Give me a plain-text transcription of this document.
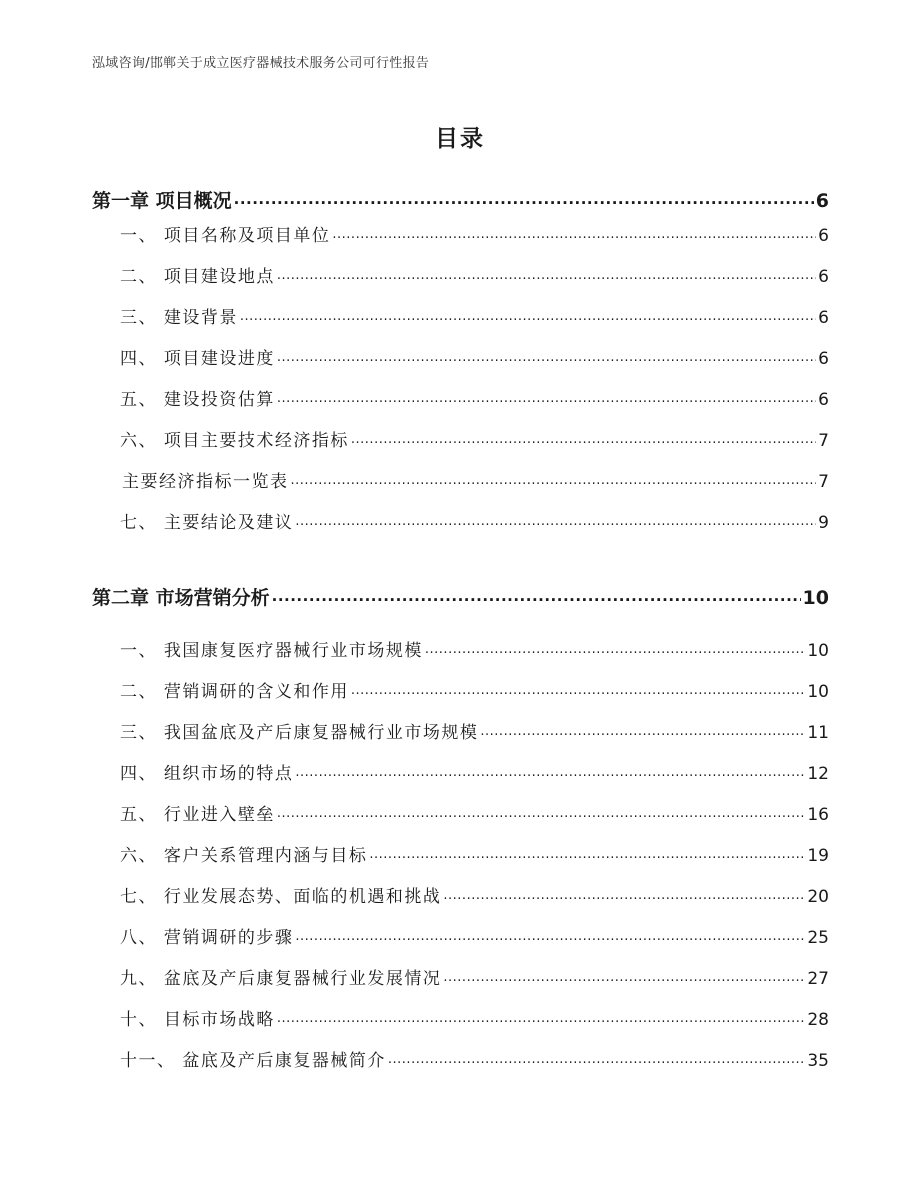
泓域咨询/邯郸关于成立医疗器械技术服务公司可行性报告
目录
第一章 项目概况 .....	6
一、 项目名称及项目单位 .....	6
二、 项目建设地点 .....	6
三、 建设背景 .....	6
四、 项目建设进度 .....	6
五、 建设投资估算 .....	6
六、 项目主要技术经济指标 .....	7
主要经济指标一览表 .....	7
七、 主要结论及建议 .....	9
第二章 市场营销分析 .....	10
一、 我国康复医疗器械行业市场规模 .....	10
二、 营销调研的含义和作用 .....	10
三、 我国盆底及产后康复器械行业市场规模 .....	11
四、 组织市场的特点 .....	12
五、 行业进入壁垒 .....	16
六、 客户关系管理内涵与目标 .....	19
七、 行业发展态势、面临的机遇和挑战 .....	20
八、 营销调研的步骤 .....	25
九、 盆底及产后康复器械行业发展情况 .....	27
十、 目标市场战略 .....	28
十一、 盆底及产后康复器械简介 .....	35
